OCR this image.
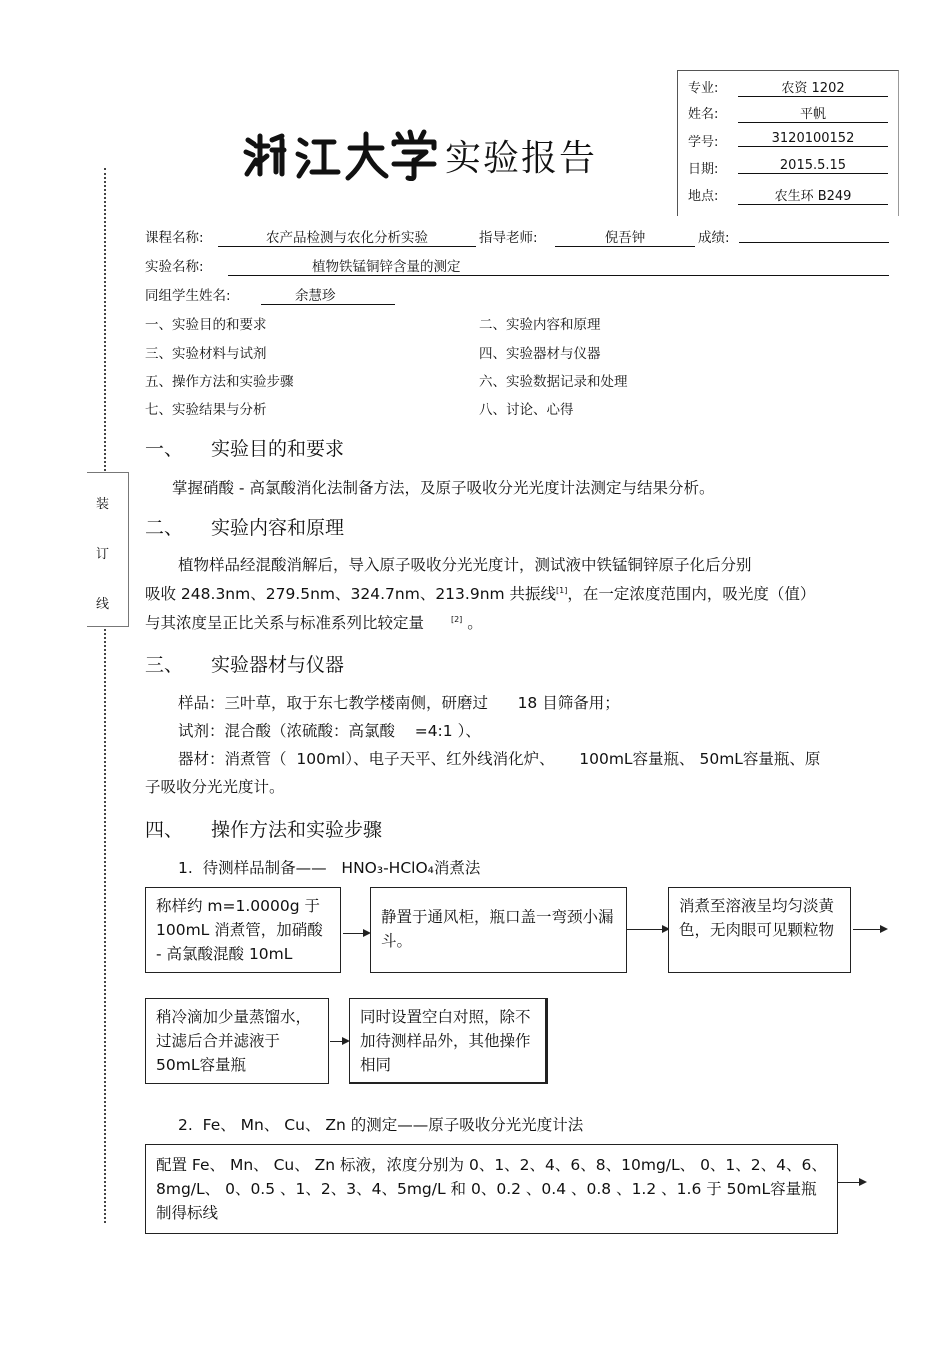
专业:	农资 1202
姓名:	平帆
学号:	3120100152
日期:	2015.5.15
地点:	农生环 B249
实验报告
装
订
线
课程名称:	农产品检测与农化分析实验	指导老师:	倪吾钟	成绩:
实验名称:	植物铁锰铜锌含量的测定
同组学生姓名:	余慧珍
一、实验目的和要求	二、实验内容和原理
三、实验材料与试剂	四、实验器材与仪器
五、操作方法和实验步骤	六、实验数据记录和处理
七、实验结果与分析	八、讨论、心得
一、 实验目的和要求
掌握硝酸 - 高氯酸消化法制备方法，及原子吸收分光光度计法测定与结果分析。
二、 实验内容和原理
植物样品经混酸消解后，导入原子吸收分光光度计，测试液中铁锰铜锌原子化后分别
吸收 248.3nm、279.5nm、324.7nm、213.9nm 共振线[1]，在一定浓度范围内，吸光度（值）
与其浓度呈正比关系与标准系列比较定量	[2] 。
三、 实验器材与仪器
样品：三叶草，取于东七教学楼南侧，研磨过      18 目筛备用；
试剂：混合酸（浓硫酸：高氯酸    =4:1 ）、
器材：消煮管（  100ml）、电子天平、红外线消化炉、     100mL容量瓶、 50mL容量瓶、原
子吸收分光光度计。
四、 操作方法和实验步骤
1.  待测样品制备——   HNO₃-HClO₄消煮法
称样约 m=1.0000g 于 100mL 消煮管，加硝酸 - 高氯酸混酸 10mL
静置于通风柜，瓶口盖一弯颈小漏斗。
消煮至溶液呈均匀淡黄色，无肉眼可见颗粒物
稍冷滴加少量蒸馏水，过滤后合并滤液于 50mL容量瓶
同时设置空白对照，除不加待测样品外，其他操作相同
2.  Fe、 Mn、 Cu、 Zn 的测定——原子吸收分光光度计法
配置 Fe、 Mn、 Cu、 Zn 标液，浓度分别为 0、1、2、4、6、8、10mg/L、 0、1、2、4、6、8mg/L、 0、0.5 、1、2、3、4、5mg/L 和 0、0.2 、0.4 、0.8 、1.2 、1.6 于 50mL容量瓶制得标线
